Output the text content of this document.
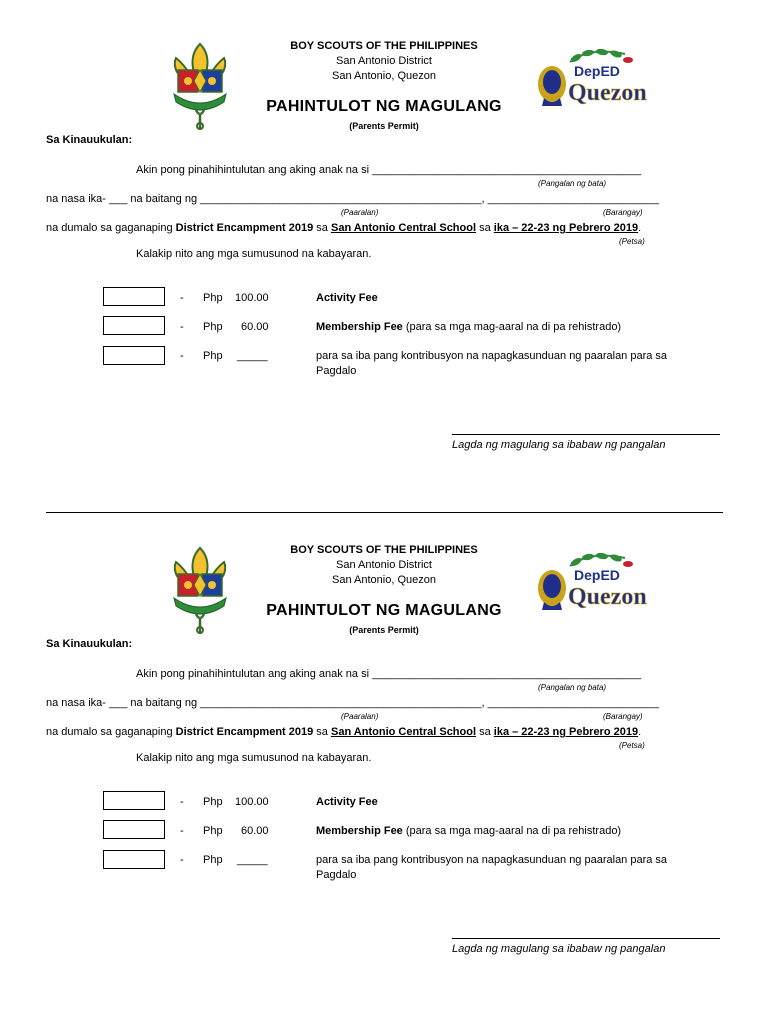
DepED
Quezon
BOY SCOUTS OF THE PHILIPPINES
San Antonio District
San Antonio, Quezon
PAHINTULOT NG MAGULANG
(Parents Permit)
Sa Kinauukulan:
Akin pong pinahihintulutan ang aking anak na si ____________________________________________
(Pangalan ng bata)
na nasa ika- ___ na baitang ng ______________________________________________, ____________________________
(Paaralan)	(Barangay)
na dumalo sa gaganaping District Encampment 2019 sa San Antonio Central School sa ika – 22-23 ng Pebrero 2019.
(Petsa)
Kalakip nito ang mga sumusunod na kabayaran.
- Php 100.00	Activity Fee
- Php 60.00	Membership Fee (para sa mga mag-aaral na di pa rehistrado)
- Php _____	para sa iba pang kontribusyon na napagkasunduan ng paaralan para sa
Pagdalo
Lagda ng magulang sa ibabaw ng pangalan
DepED
Quezon
BOY SCOUTS OF THE PHILIPPINES
San Antonio District
San Antonio, Quezon
PAHINTULOT NG MAGULANG
(Parents Permit)
Sa Kinauukulan:
Akin pong pinahihintulutan ang aking anak na si ____________________________________________
(Pangalan ng bata)
na nasa ika- ___ na baitang ng ______________________________________________, ____________________________
(Paaralan)	(Barangay)
na dumalo sa gaganaping District Encampment 2019 sa San Antonio Central School sa ika – 22-23 ng Pebrero 2019.
(Petsa)
Kalakip nito ang mga sumusunod na kabayaran.
- Php 100.00	Activity Fee
- Php 60.00	Membership Fee (para sa mga mag-aaral na di pa rehistrado)
- Php _____	para sa iba pang kontribusyon na napagkasunduan ng paaralan para sa
Pagdalo
Lagda ng magulang sa ibabaw ng pangalan
